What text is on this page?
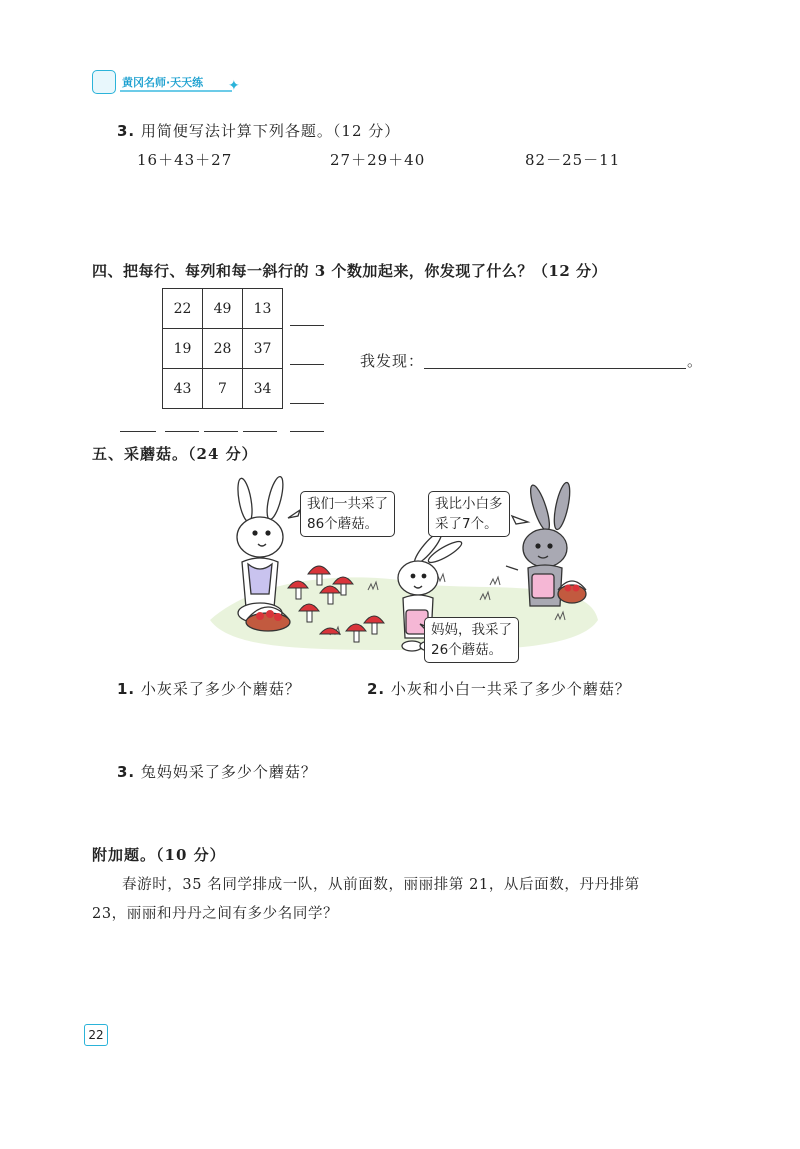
黄冈名师·天天练 ✦
3. 用简便写法计算下列各题。（12 分）
16＋43＋27	27＋29＋40	82－25－11
四、把每行、每列和每一斜行的 3 个数加起来，你发现了什么？（12 分）
22	49	13
19	28	37
43	7	34
我发现：	。
五、采蘑菇。（24 分）
我们一共采了
86个蘑菇。
我比小白多
采了7个。
妈妈，我采了
26个蘑菇。
1. 小灰采了多少个蘑菇？	2. 小灰和小白一共采了多少个蘑菇？
3. 兔妈妈采了多少个蘑菇？
附加题。（10 分）
春游时，35 名同学排成一队，从前面数，丽丽排第 21，从后面数，丹丹排第
23，丽丽和丹丹之间有多少名同学？
22
